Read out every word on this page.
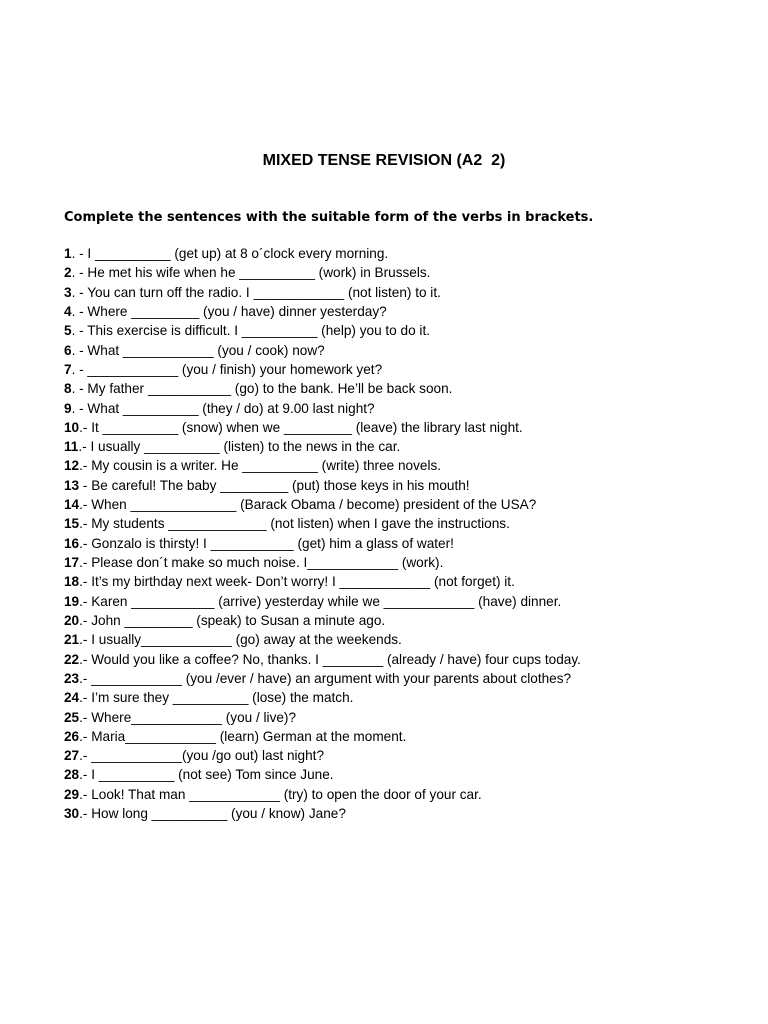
MIXED TENSE REVISION (A2  2)
Complete the sentences with the suitable form of the verbs in brackets.
1. - I __________ (get up) at 8 o´clock every morning.
2. - He met his wife when he __________ (work) in Brussels.
3. - You can turn off the radio. I ____________ (not listen) to it.
4. - Where _________ (you / have) dinner yesterday?
5. - This exercise is difficult. I __________ (help) you to do it.
6. - What ____________ (you / cook) now?
7. - ____________ (you / finish) your homework yet?
8. - My father ___________ (go) to the bank. He’ll be back soon.
9. - What __________ (they / do) at 9.00 last night?
10.- It __________ (snow) when we _________ (leave) the library last night.
11.- I usually __________ (listen) to the news in the car.
12.- My cousin is a writer. He __________ (write) three novels.
13 - Be careful! The baby _________ (put) those keys in his mouth!
14.- When ______________ (Barack Obama / become) president of the USA?
15.- My students _____________ (not listen) when I gave the instructions.
16.- Gonzalo is thirsty! I ___________ (get) him a glass of water!
17.- Please don´t make so much noise. I____________ (work).
18.- It’s my birthday next week- Don’t worry! I ____________ (not forget) it.
19.- Karen ___________ (arrive) yesterday while we ____________ (have) dinner.
20.- John _________ (speak) to Susan a minute ago.
21.- I usually____________ (go) away at the weekends.
22.- Would you like a coffee? No, thanks. I ________ (already / have) four cups today.
23.- ____________ (you /ever / have) an argument with your parents about clothes?
24.- I’m sure they __________ (lose) the match.
25.- Where____________ (you / live)?
26.- Maria____________ (learn) German at the moment.
27.- ____________(you /go out) last night?
28.- I __________ (not see) Tom since June.
29.- Look! That man ____________ (try) to open the door of your car.
30.- How long __________ (you / know) Jane?
